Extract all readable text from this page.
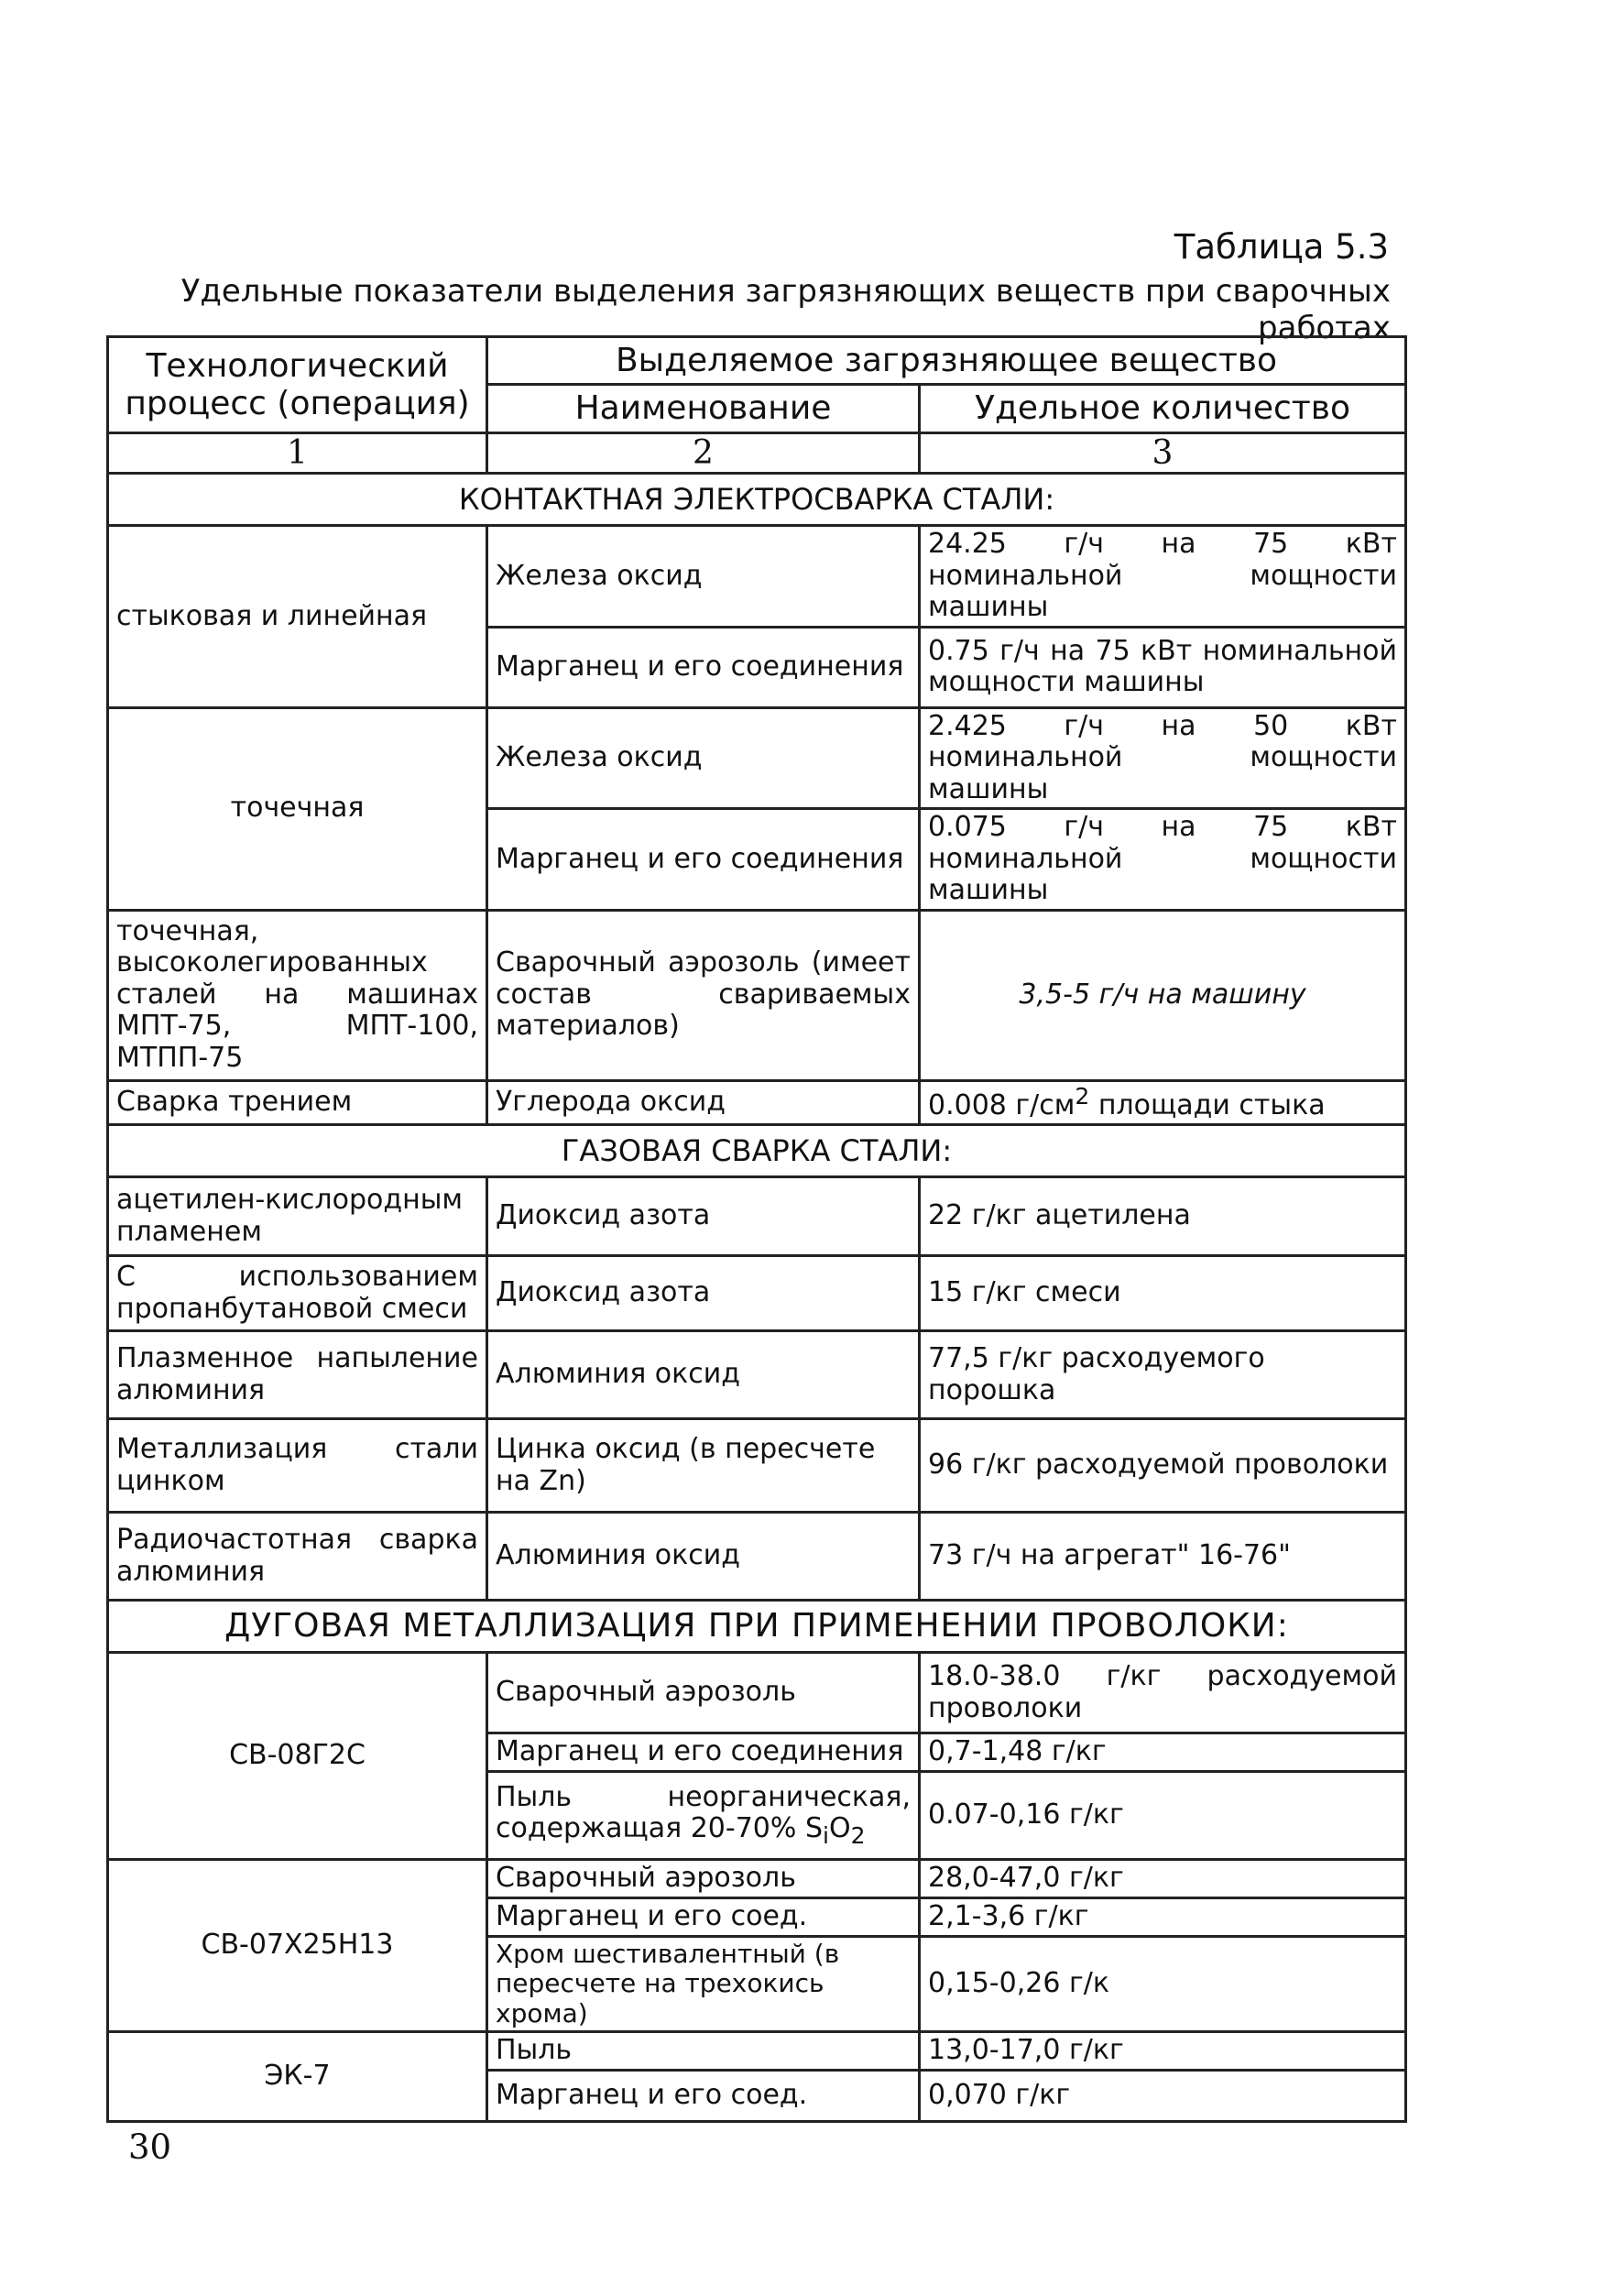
Таблица 5.3
Удельные показатели выделения загрязняющих веществ при сварочных работах
Технологический процесс (операция)	Выделяемое загрязняющее вещество	
	Наименование	Удельное количество
1	2	3
КОНТАКТНАЯ ЭЛЕКТРОСВАРКА СТАЛИ:		
стыковая и линейная	Железа оксид	24.25 г/ч на 75 кВт номинальной мощности машины
	Марганец и его соединения	0.75 г/ч на 75 кВт номинальной мощности машины
точечная	Железа оксид	2.425 г/ч на 50 кВт номинальной мощности машины
	Марганец и его соединения	0.075 г/ч на 75 кВт номинальной мощности машины
точечная, высоколегированных сталей на машинах МПТ-75, МПТ-100, МТПП-75	Сварочный аэрозоль (имеет состав свариваемых материалов)	3,5-5 г/ч на машину
Сварка трением	Углерода оксид	0.008 $г/см^2$ площади стыка
ГАЗОВАЯ СВАРКА СТАЛИ:		
ацетилен-кислородным пламенем	Диоксид азота	22 г/кг ацетилена
С использованием пропанбутановой смеси	Диоксид азота	15 г/кг смеси
Плазменное напыление алюминия	Алюминия оксид	77,5 г/кг расходуемого порошка
Металлизация стали цинком	Цинка оксид (в пересчете на Zn)	96 г/кг расходуемой проволоки
Радиочастотная сварка алюминия	Алюминия оксид	73 г/ч на агрегат" 16-76"
ДУГОВАЯ МЕТАЛЛИЗАЦИЯ ПРИ ПРИМЕНЕНИИ ПРОВОЛОКИ:		
СВ-08Г2С	Сварочный аэрозоль	18.0-38.0 г/кг расходуемой проволоки
	Марганец и его соединения	0,7-1,48 г/кг
	Пыль неорганическая, содержащая 20-70% $S_iO_2$	0.07-0,16 г/кг
СВ-07Х25Н13	Сварочный аэрозоль	28,0-47,0 г/кг
	Марганец и его соед.	2,1-3,6 г/кг
	Хром шестивалентный (в пересчете на трехокись хрома)	0,15-0,26 г/к
ЭК-7	Пыль	13,0-17,0 г/кг
	Марганец и его соед.	0,070 г/кг
30
